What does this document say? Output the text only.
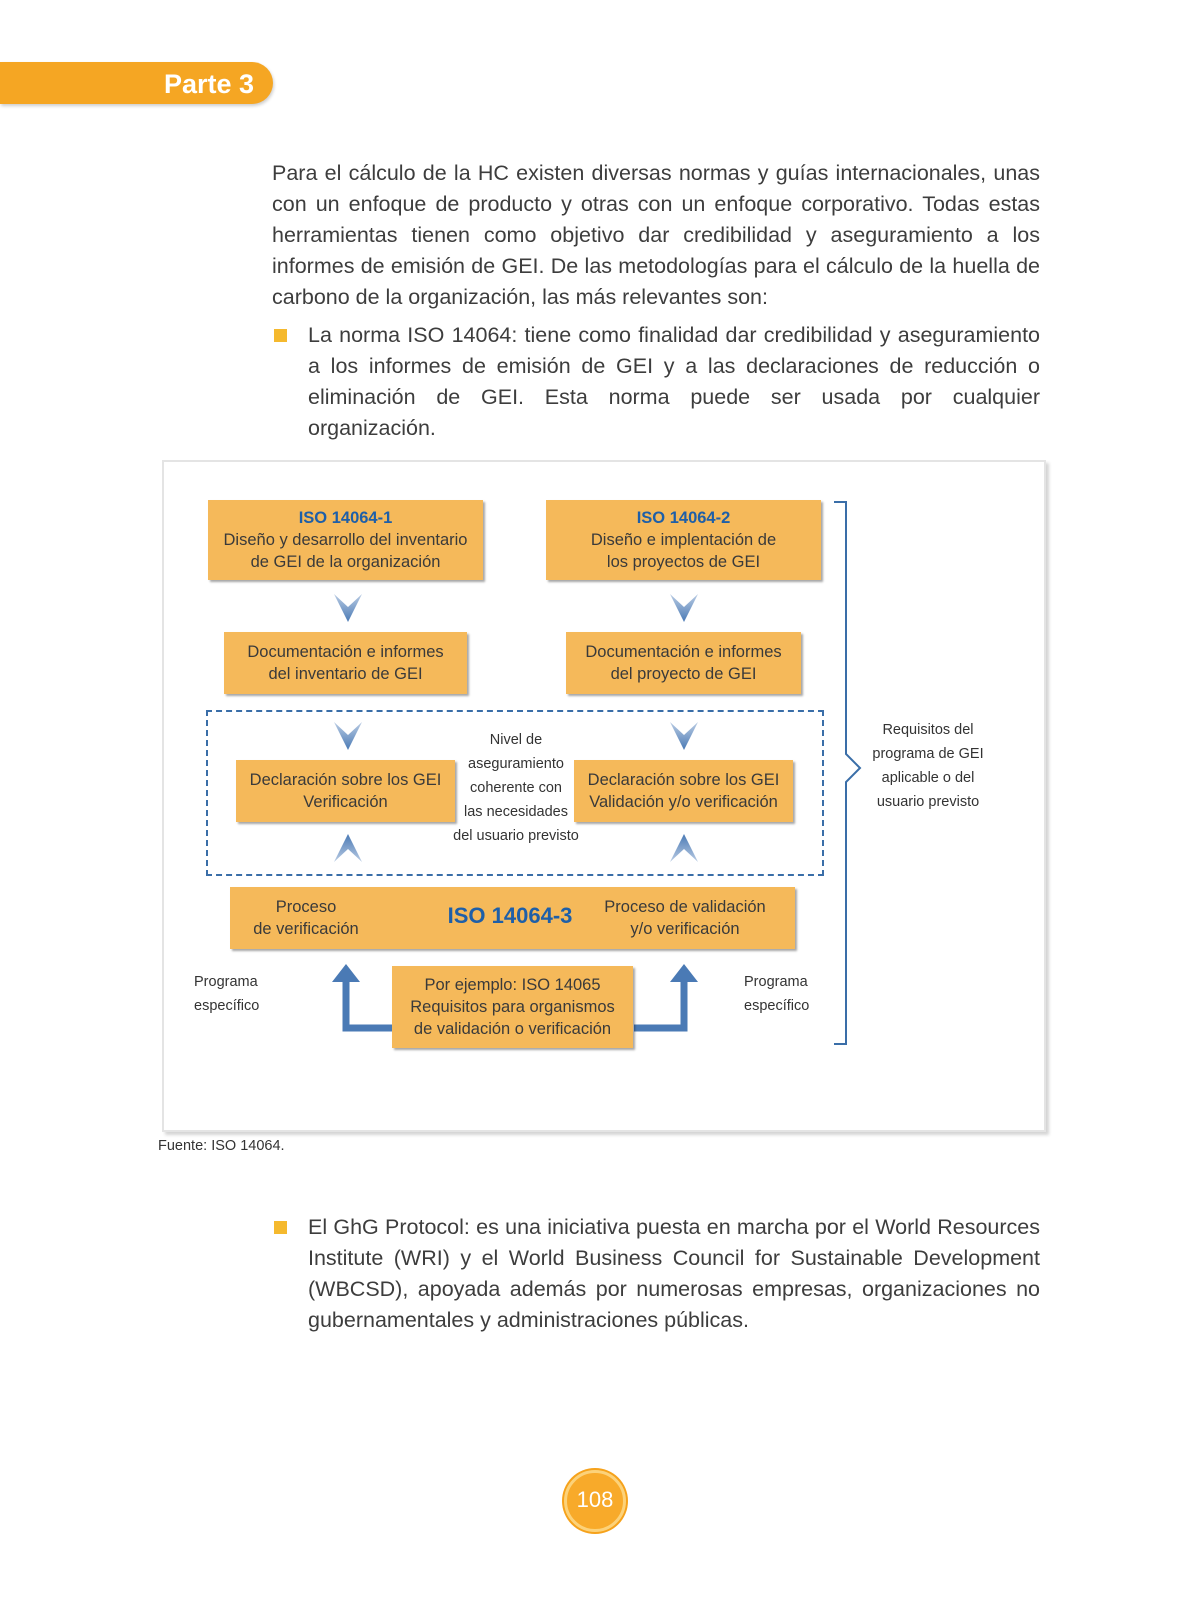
Parte 3
Para el cálculo de la HC existen diversas normas y guías internacionales, unas con un enfoque de producto y otras con un enfoque corporativo. Todas estas herramientas tienen como objetivo dar credibilidad y aseguramiento a los informes de emisión de GEI. De las metodologías para el cálculo de la huella de carbono de la organización, las más relevantes son:
La norma ISO 14064: tiene como finalidad dar credibilidad y aseguramiento a los informes de emisión de GEI y a las declaraciones de reducción o eliminación de GEI. Esta norma puede ser usada por cualquier organización.
ISO 14064-1
Diseño y desarrollo del inventario
de GEI de la organización
ISO 14064-2
Diseño e implentación de
los proyectos de GEI
Documentación e informes
del inventario de GEI
Documentación e informes
del proyecto de GEI
Declaración sobre los GEI
Verificación
Declaración sobre los GEI
Validación y/o verificación
Nivel de
aseguramiento
coherente con
las necesidades
del usuario previsto
Proceso
de verificación
ISO 14064-3	Proceso de validación
y/o verificación
Por ejemplo: ISO 14065
Requisitos para organismos
de validación o verificación
Programa
específico
Programa
específico
Requisitos del
programa de GEI
aplicable o del
usuario previsto
Fuente: ISO 14064.
El GhG Protocol: es una iniciativa puesta en marcha por el World Resources Institute (WRI) y el World Business Council for Sustainable Development (WBCSD), apoyada además por numerosas empresas, organizaciones no gubernamentales y administraciones públicas.
108
